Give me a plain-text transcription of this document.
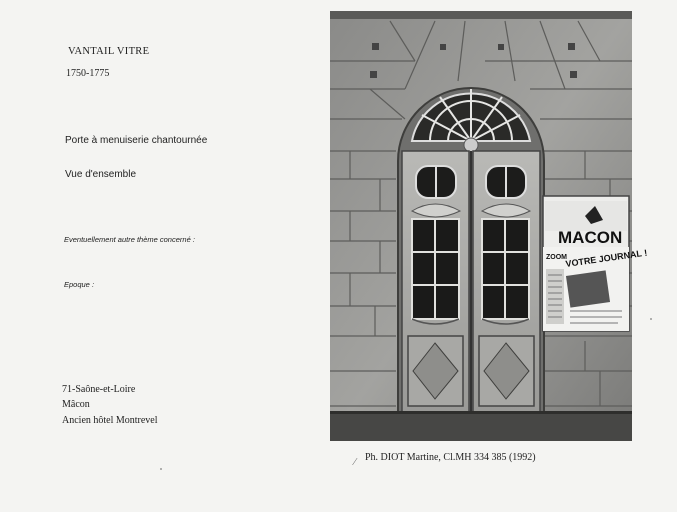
VANTAIL VITRE
1750-1775
Porte à menuiserie chantournée
Vue d'ensemble
Eventuellement autre thème concerné :
Epoque :
71-Saône-et-Loire
Mâcon
Ancien hôtel Montrevel
⁄ Ph. DIOT Martine, Cl.MH 334 385 (1992)
MACON
ZOOM
VOTRE JOURNAL !
